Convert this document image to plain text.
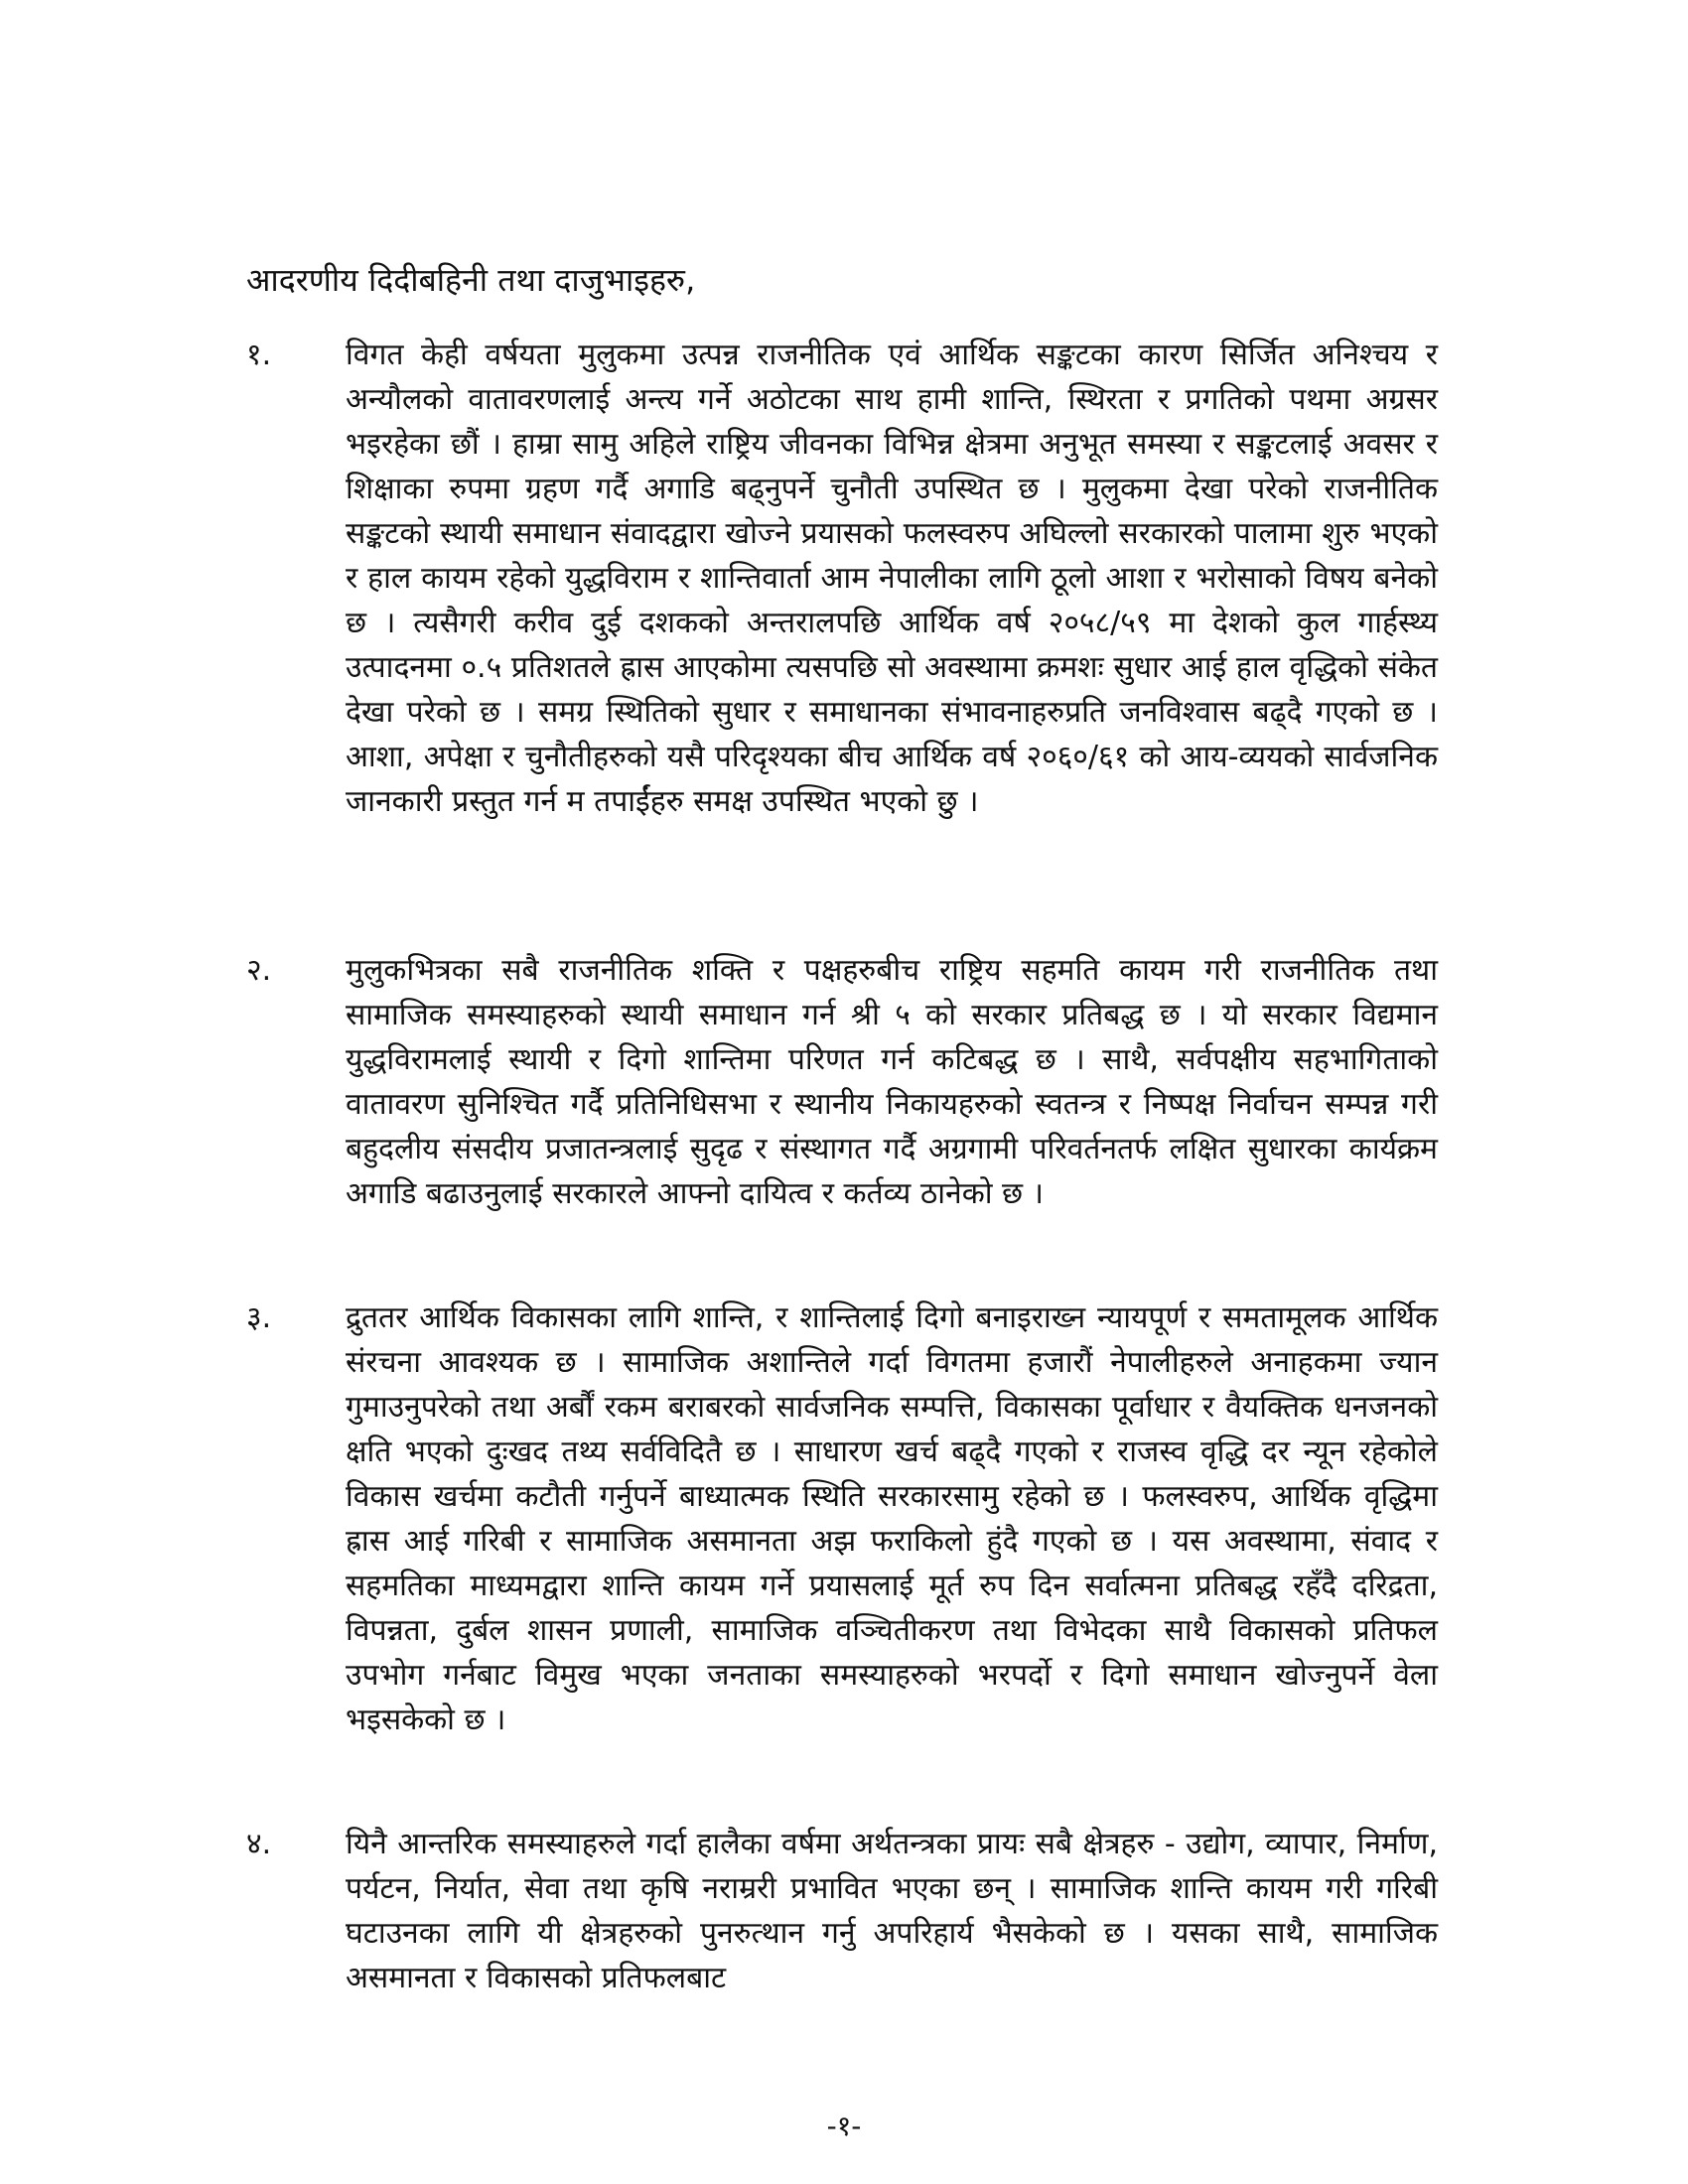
आदरणीय दिदीबहिनी तथा दाजुभाइहरु,
१. विगत केही वर्षयता मुलुकमा उत्पन्न राजनीतिक एवं आर्थिक सङ्कटका कारण सिर्जित अनिश्चय र अन्यौलको वातावरणलाई अन्त्य गर्ने अठोटका साथ हामी शान्ति, स्थिरता र प्रगतिको पथमा अग्रसर भइरहेका छौं । हाम्रा सामु अहिले राष्ट्रिय जीवनका विभिन्न क्षेत्रमा अनुभूत समस्या र सङ्कटलाई अवसर र शिक्षाका रुपमा ग्रहण गर्दै अगाडि बढ्नुपर्ने चुनौती उपस्थित छ । मुलुकमा देखा परेको राजनीतिक सङ्कटको स्थायी समाधान संवादद्वारा खोज्ने प्रयासको फलस्वरुप अघिल्लो सरकारको पालामा शुरु भएको र हाल कायम रहेको युद्धविराम र शान्तिवार्ता आम नेपालीका लागि ठूलो आशा र भरोसाको विषय बनेको छ । त्यसैगरी करीव दुई दशकको अन्तरालपछि आर्थिक वर्ष २०५८/५९ मा देशको कुल गार्हस्थ्य उत्पादनमा ०.५ प्रतिशतले ह्रास आएकोमा त्यसपछि सो अवस्थामा क्रमशः सुधार आई हाल वृद्धिको संकेत देखा परेको छ । समग्र स्थितिको सुधार र समाधानका संभावनाहरुप्रति जनविश्वास बढ्दै गएको छ । आशा, अपेक्षा र चुनौतीहरुको यसै परिदृश्यका बीच आर्थिक वर्ष २०६०/६१ को आय-व्ययको सार्वजनिक जानकारी प्रस्तुत गर्न म तपाईंहरु समक्ष उपस्थित भएको छु ।
२. मुलुकभित्रका सबै राजनीतिक शक्ति र पक्षहरुबीच राष्ट्रिय सहमति कायम गरी राजनीतिक तथा सामाजिक समस्याहरुको स्थायी समाधान गर्न श्री ५ को सरकार प्रतिबद्ध छ । यो सरकार विद्यमान युद्धविरामलाई स्थायी र दिगो शान्तिमा परिणत गर्न कटिबद्ध छ । साथै, सर्वपक्षीय सहभागिताको वातावरण सुनिश्चित गर्दै प्रतिनिधिसभा र स्थानीय निकायहरुको स्वतन्त्र र निष्पक्ष निर्वाचन सम्पन्न गरी बहुदलीय संसदीय प्रजातन्त्रलाई सुदृढ र संस्थागत गर्दै अग्रगामी परिवर्तनतर्फ लक्षित सुधारका कार्यक्रम अगाडि बढाउनुलाई सरकारले आफ्नो दायित्व र कर्तव्य ठानेको छ ।
३. द्रुततर आर्थिक विकासका लागि शान्ति, र शान्तिलाई दिगो बनाइराख्न न्यायपूर्ण र समतामूलक आर्थिक संरचना आवश्यक छ । सामाजिक अशान्तिले गर्दा विगतमा हजारौं नेपालीहरुले अनाहकमा ज्यान गुमाउनुपरेको तथा अर्बौं रकम बराबरको सार्वजनिक सम्पत्ति, विकासका पूर्वाधार र वैयक्तिक धनजनको क्षति भएको दुःखद तथ्य सर्वविदितै छ । साधारण खर्च बढ्दै गएको र राजस्व वृद्धि दर न्यून रहेकोले विकास खर्चमा कटौती गर्नुपर्ने बाध्यात्मक स्थिति सरकारसामु रहेको छ । फलस्वरुप, आर्थिक वृद्धिमा ह्रास आई गरिबी र सामाजिक असमानता अझ फराकिलो हुंदै गएको छ । यस अवस्थामा, संवाद र सहमतिका माध्यमद्वारा शान्ति कायम गर्ने प्रयासलाई मूर्त रुप दिन सर्वात्मना प्रतिबद्ध रहँदै दरिद्रता, विपन्नता, दुर्बल शासन प्रणाली, सामाजिक वञ्चितीकरण तथा विभेदका साथै विकासको प्रतिफल उपभोग गर्नबाट विमुख भएका जनताका समस्याहरुको भरपर्दो र दिगो समाधान खोज्नुपर्ने वेला भइसकेको छ ।
४. यिनै आन्तरिक समस्याहरुले गर्दा हालैका वर्षमा अर्थतन्त्रका प्रायः सबै क्षेत्रहरु - उद्योग, व्यापार, निर्माण, पर्यटन, निर्यात, सेवा तथा कृषि नराम्ररी प्रभावित भएका छन् । सामाजिक शान्ति कायम गरी गरिबी घटाउनका लागि यी क्षेत्रहरुको पुनरुत्थान गर्नु अपरिहार्य भैसकेको छ । यसका साथै, सामाजिक असमानता र विकासको प्रतिफलबाट
-१-
